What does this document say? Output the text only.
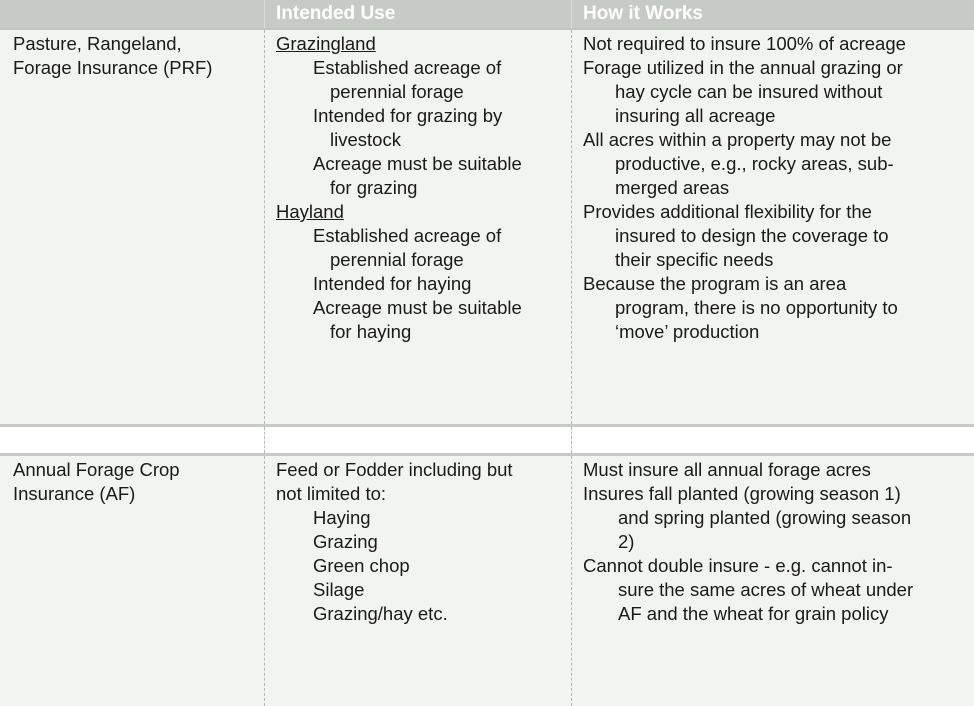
Intended Use	How it Works
Pasture, Rangeland,
Forage Insurance (PRF)
Grazingland
Established acreage of
perennial forage
Intended for grazing by
livestock
Acreage must be suitable
for grazing
Hayland
Established acreage of
perennial forage
Intended for haying
Acreage must be suitable
for haying
Not required to insure 100% of acreage
Forage utilized in the annual grazing or
hay cycle can be insured without
insuring all acreage
All acres within a property may not be
productive, e.g., rocky areas, sub-
merged areas
Provides additional flexibility for the
insured to design the coverage to
their specific needs
Because the program is an area
program, there is no opportunity to
‘move’ production
Annual Forage Crop
Insurance (AF)
Feed or Fodder including but
not limited to:
Haying
Grazing
Green chop
Silage
Grazing/hay etc.
Must insure all annual forage acres
Insures fall planted (growing season 1)
and spring planted (growing season
2)
Cannot double insure - e.g. cannot in-
sure the same acres of wheat under
AF and the wheat for grain policy
